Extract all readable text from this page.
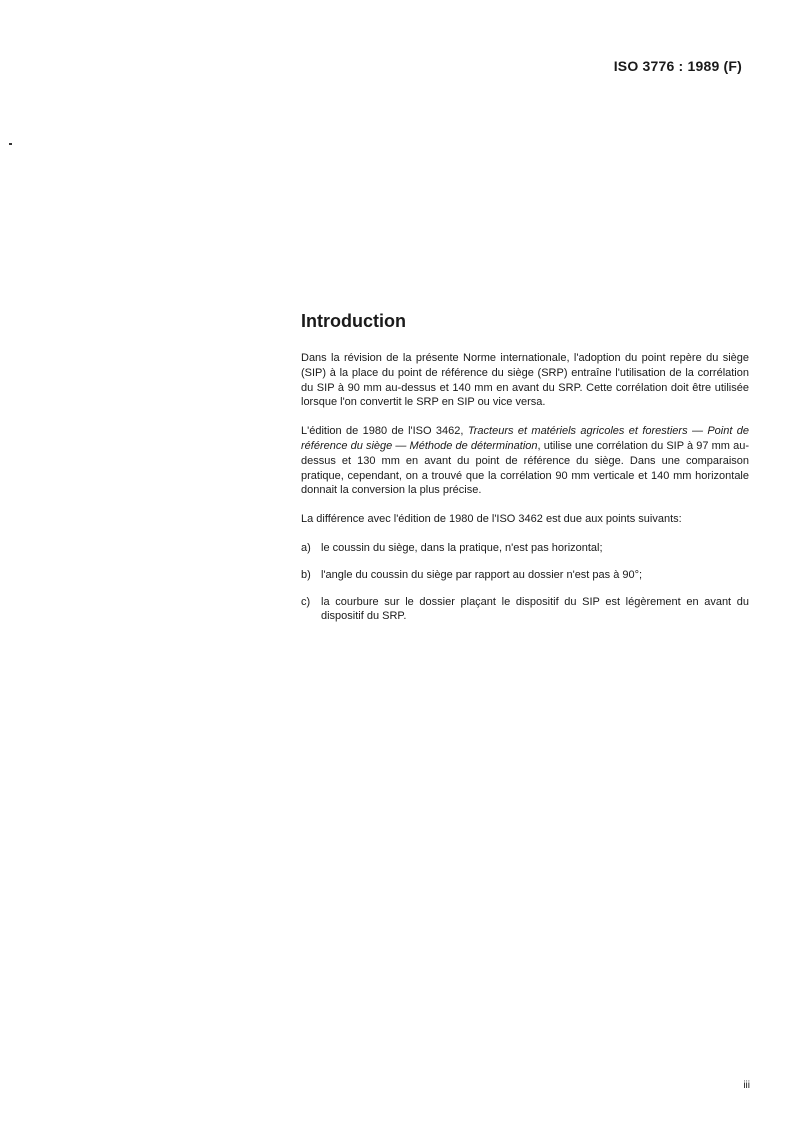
ISO 3776 : 1989 (F)
Introduction

Dans la révision de la présente Norme internationale, l'adoption du point repère du siège (SIP) à la place du point de référence du siège (SRP) entraîne l'utilisation de la corrélation du SIP à 90 mm au-dessus et 140 mm en avant du SRP. Cette corrélation doit être utilisée lorsque l'on convertit le SRP en SIP ou vice versa.

L'édition de 1980 de l'ISO 3462, Tracteurs et matériels agricoles et forestiers — Point de référence du siège — Méthode de détermination, utilise une corrélation du SIP à 97 mm au-dessus et 130 mm en avant du point de référence du siège. Dans une comparaison pratique, cependant, on a trouvé que la corrélation 90 mm verticale et 140 mm horizontale donnait la conversion la plus précise.

La différence avec l'édition de 1980 de l'ISO 3462 est due aux points suivants:

a) le coussin du siège, dans la pratique, n'est pas horizontal;
b) l'angle du coussin du siège par rapport au dossier n'est pas à 90°;
c) la courbure sur le dossier plaçant le dispositif du SIP est légèrement en avant du dispositif du SRP.
iii
